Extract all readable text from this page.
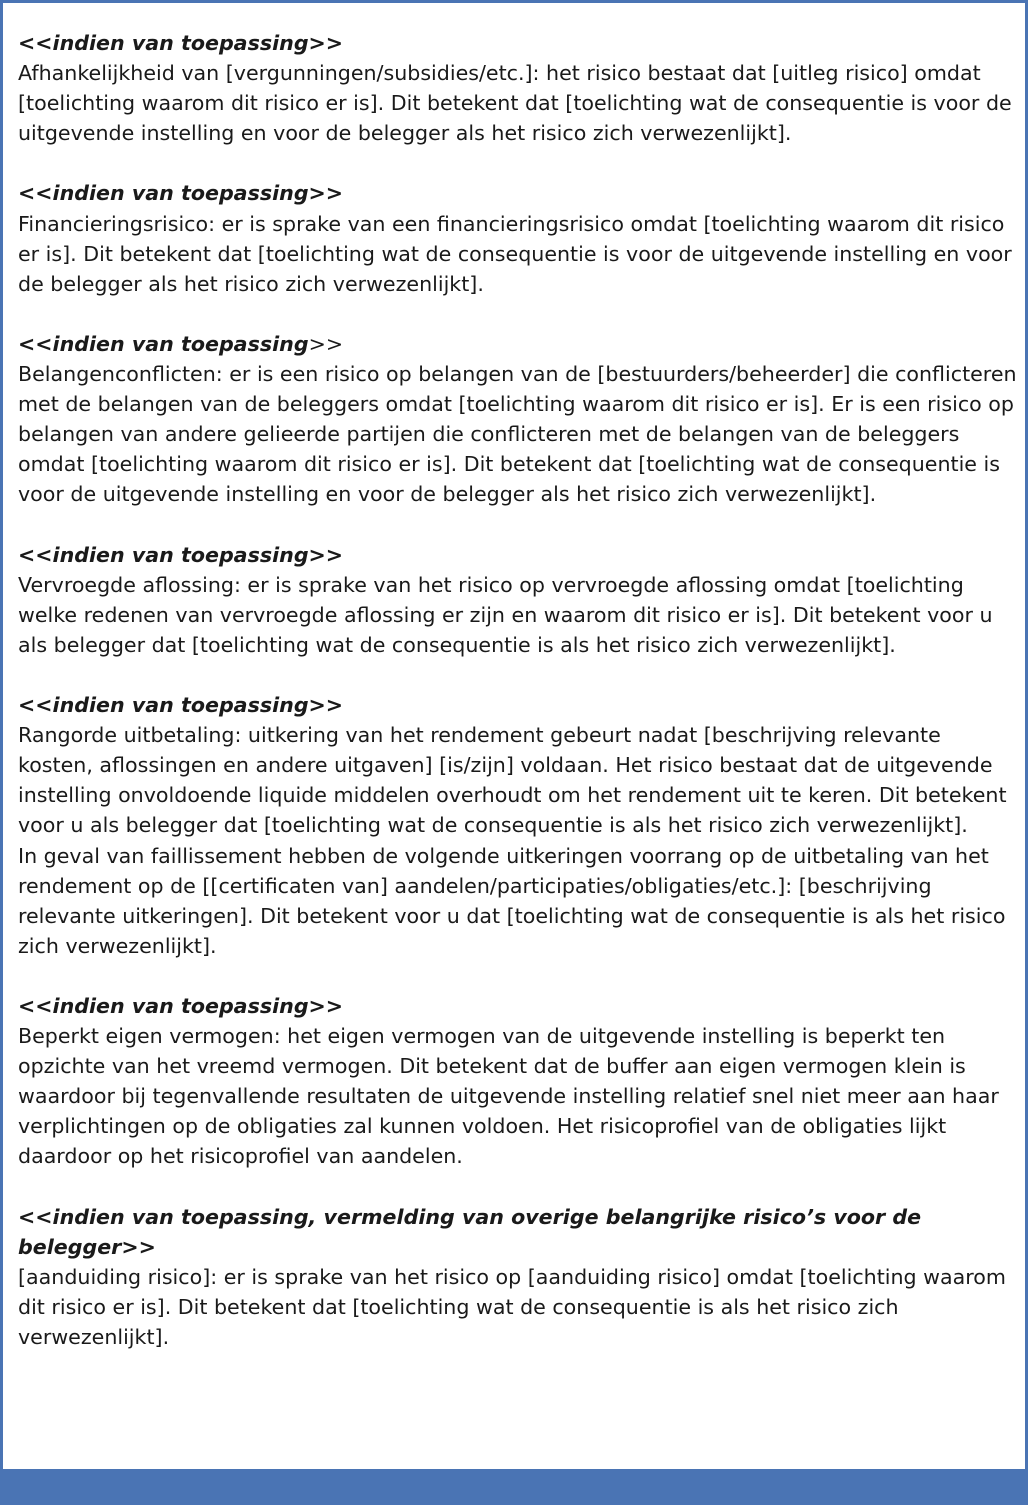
<<indien van toepassing>>
Afhankelijkheid van [vergunningen/subsidies/etc.]: het risico bestaat dat [uitleg risico] omdat [toelichting waarom dit risico er is]. Dit betekent dat [toelichting wat de consequentie is voor de uitgevende instelling en voor de belegger als het risico zich verwezenlijkt].
<<indien van toepassing>>
Financieringsrisico: er is sprake van een financieringsrisico omdat [toelichting waarom dit risico er is]. Dit betekent dat [toelichting wat de consequentie is voor de uitgevende instelling en voor de belegger als het risico zich verwezenlijkt].
<<indien van toepassing>>
Belangenconflicten: er is een risico op belangen van de [bestuurders/beheerder] die conflicteren met de belangen van de beleggers omdat [toelichting waarom dit risico er is]. Er is een risico op belangen van andere gelieerde partijen die conflicteren met de belangen van de beleggers omdat [toelichting waarom dit risico er is]. Dit betekent dat [toelichting wat de consequentie is voor de uitgevende instelling en voor de belegger als het risico zich verwezenlijkt].
<<indien van toepassing>>
Vervroegde aflossing: er is sprake van het risico op vervroegde aflossing omdat [toelichting welke redenen van vervroegde aflossing er zijn en waarom dit risico er is]. Dit betekent voor u als belegger dat [toelichting wat de consequentie is als het risico zich verwezenlijkt].
<<indien van toepassing>>
Rangorde uitbetaling: uitkering van het rendement gebeurt nadat [beschrijving relevante kosten, aflossingen en andere uitgaven] [is/zijn] voldaan. Het risico bestaat dat de uitgevende instelling onvoldoende liquide middelen overhoudt om het rendement uit te keren. Dit betekent voor u als belegger dat [toelichting wat de consequentie is als het risico zich verwezenlijkt].
In geval van faillissement hebben de volgende uitkeringen voorrang op de uitbetaling van het rendement op de [[certificaten van] aandelen/participaties/obligaties/etc.]: [beschrijving relevante uitkeringen]. Dit betekent voor u dat [toelichting wat de consequentie is als het risico zich verwezenlijkt].
<<indien van toepassing>>
Beperkt eigen vermogen: het eigen vermogen van de uitgevende instelling is beperkt ten opzichte van het vreemd vermogen. Dit betekent dat de buffer aan eigen vermogen klein is waardoor bij tegenvallende resultaten de uitgevende instelling relatief snel niet meer aan haar verplichtingen op de obligaties zal kunnen voldoen. Het risicoprofiel van de obligaties lijkt daardoor op het risicoprofiel van aandelen.
<<indien van toepassing, vermelding van overige belangrijke risico’s voor de belegger>>
[aanduiding risico]: er is sprake van het risico op [aanduiding risico] omdat [toelichting waarom dit risico er is]. Dit betekent dat [toelichting wat de consequentie is als het risico zich verwezenlijkt].
